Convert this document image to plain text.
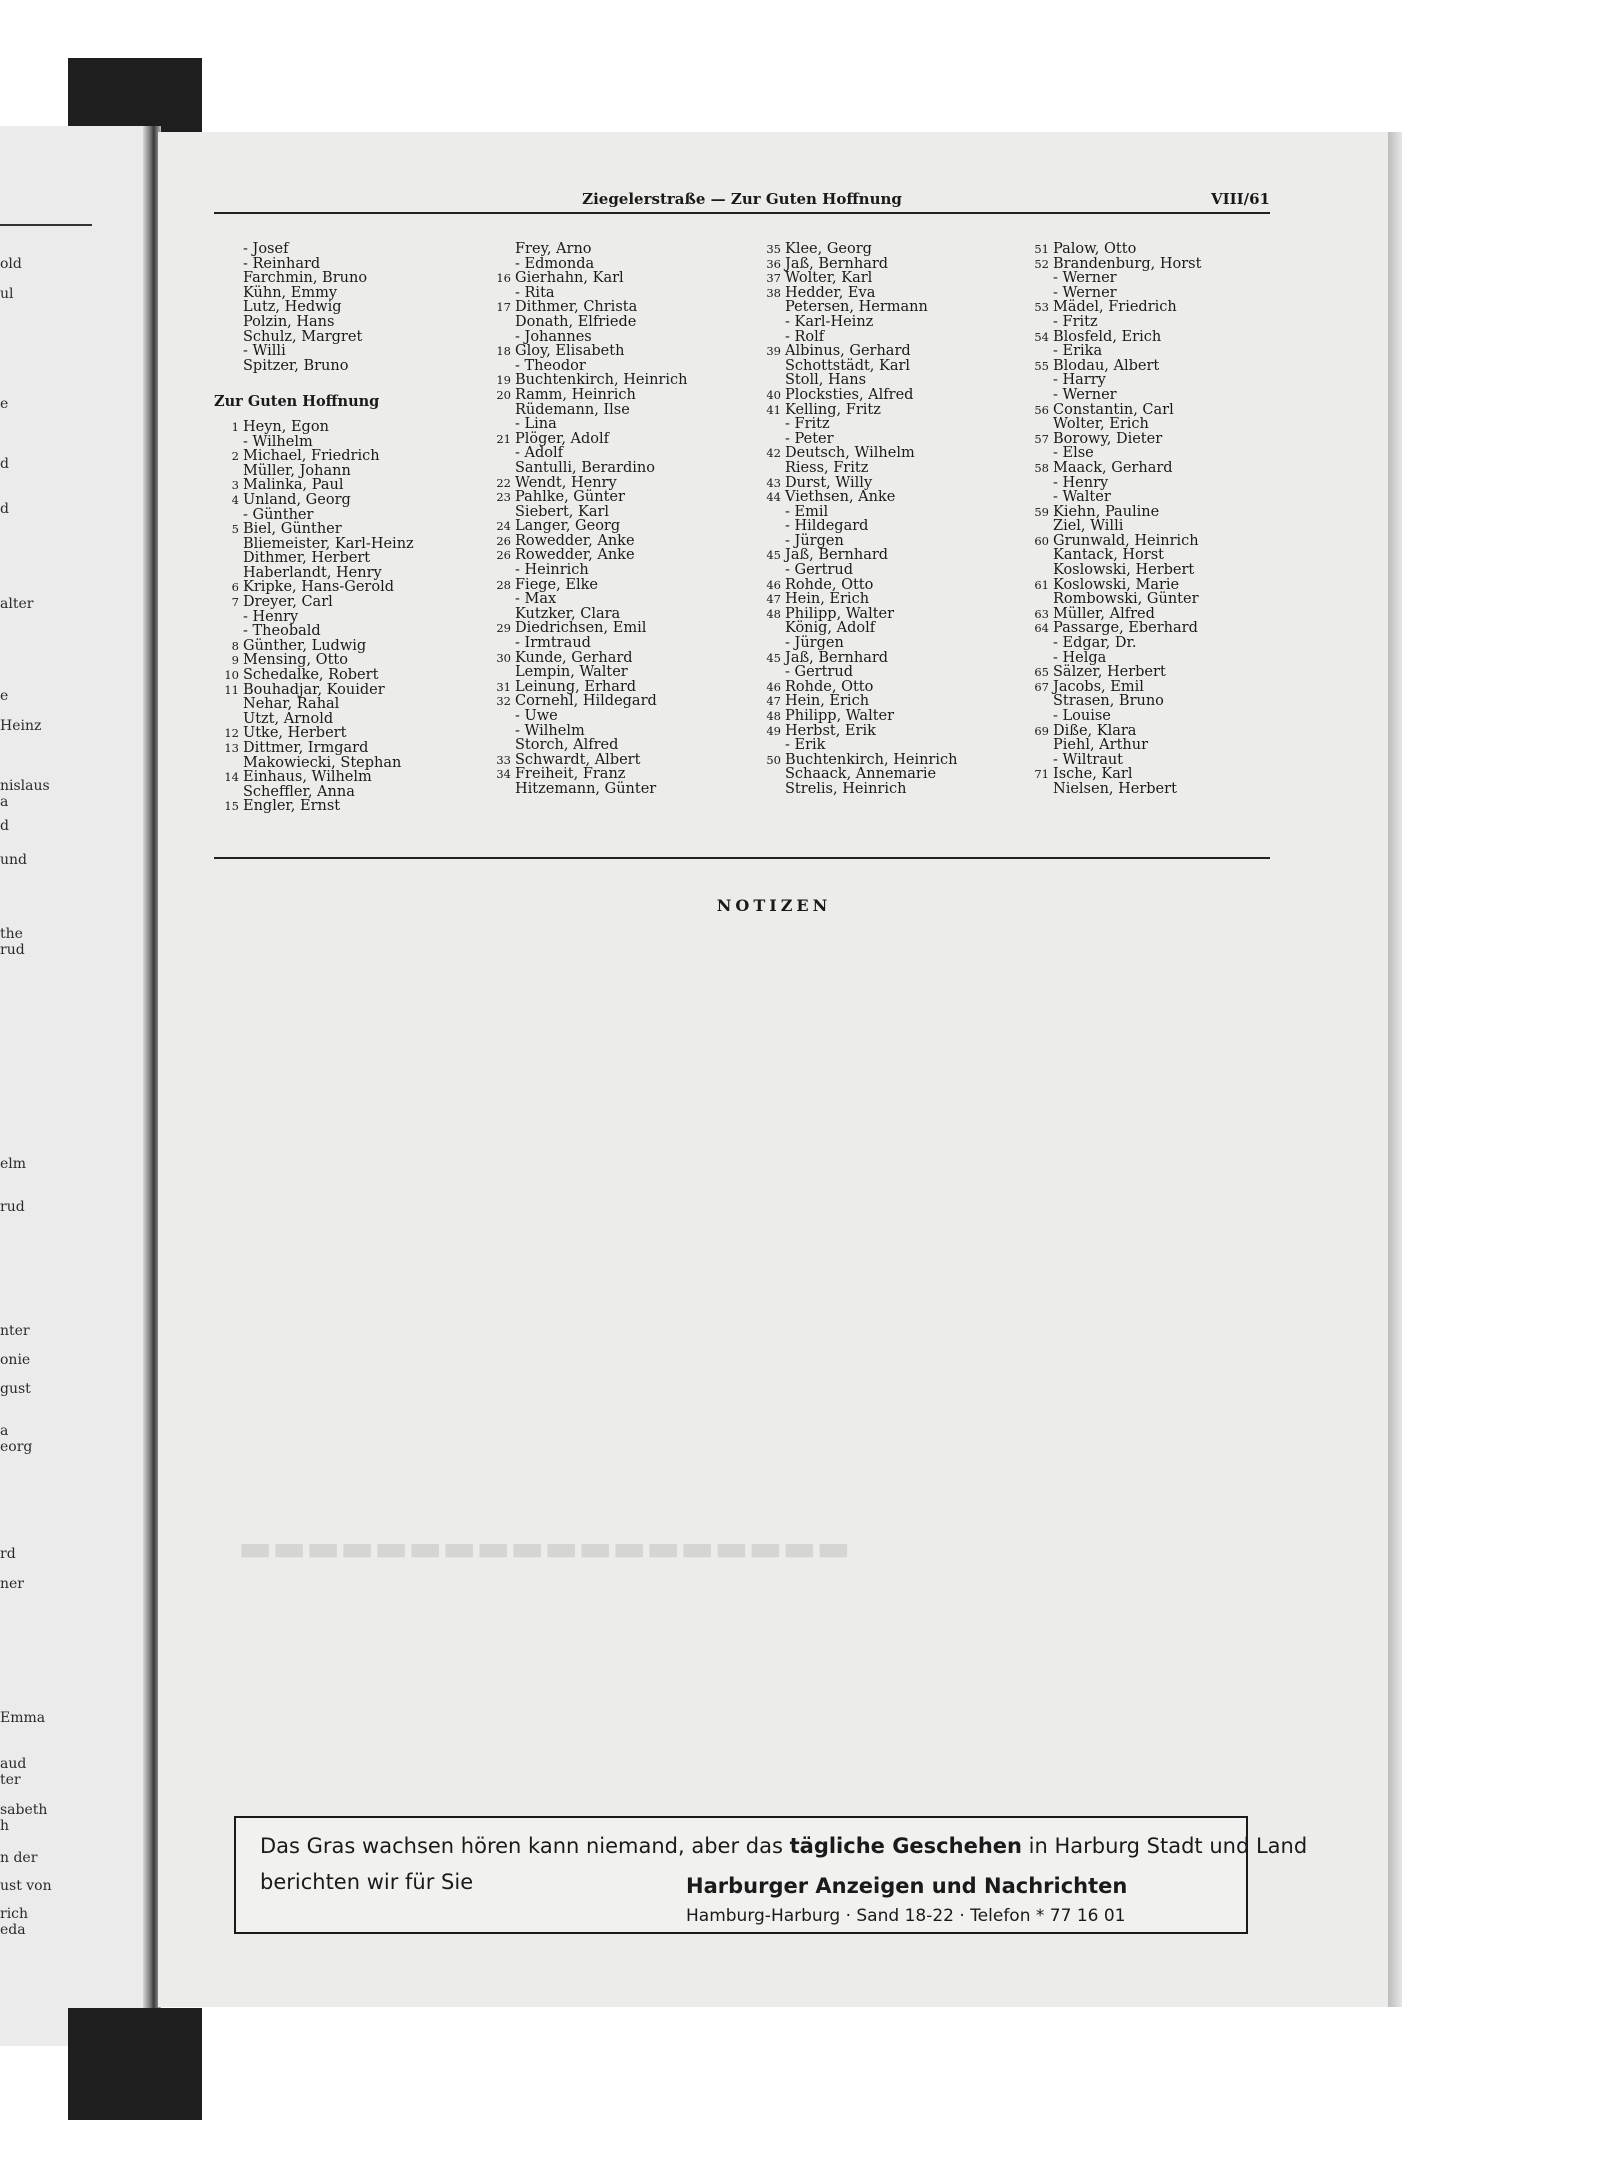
old
ul
e
d
d
alter
e
Heinz
nislaus
a
d
und
the
rud
elm
rud
nter
onie
gust
a
eorg
rd
ner
Emma
aud
ter
sabeth
h
n der
ust von
rich
eda
▬▬▬▬▬▬▬▬▬▬▬▬▬▬▬▬▬▬
Ziegelerstraße — Zur Guten Hoffnung	VIII/61
- Josef
- Reinhard
Farchmin, Bruno
Kühn, Emmy
Lutz, Hedwig
Polzin, Hans
Schulz, Margret
- Willi
Spitzer, Bruno
Zur Guten Hoffnung
1 Heyn, Egon
- Wilhelm
2 Michael, Friedrich
Müller, Johann
3 Malinka, Paul
4 Unland, Georg
- Günther
5 Biel, Günther
Bliemeister, Karl-Heinz
Dithmer, Herbert
Haberlandt, Henry
6 Kripke, Hans-Gerold
7 Dreyer, Carl
- Henry
- Theobald
8 Günther, Ludwig
9 Mensing, Otto
10 Schedalke, Robert
11 Bouhadjar, Kouider
Nehar, Rahal
Utzt, Arnold
12 Utke, Herbert
13 Dittmer, Irmgard
Makowiecki, Stephan
14 Einhaus, Wilhelm
Scheffler, Anna
15 Engler, Ernst
Frey, Arno
- Edmonda
16 Gierhahn, Karl
- Rita
17 Dithmer, Christa
Donath, Elfriede
- Johannes
18 Gloy, Elisabeth
- Theodor
19 Buchtenkirch, Heinrich
20 Ramm, Heinrich
Rüdemann, Ilse
- Lina
21 Plöger, Adolf
- Adolf
Santulli, Berardino
22 Wendt, Henry
23 Pahlke, Günter
Siebert, Karl
24 Langer, Georg
26 Rowedder, Anke
26 Rowedder, Anke
- Heinrich
28 Fiege, Elke
- Max
Kutzker, Clara
29 Diedrichsen, Emil
- Irmtraud
30 Kunde, Gerhard
Lempin, Walter
31 Leinung, Erhard
32 Cornehl, Hildegard
- Uwe
- Wilhelm
Storch, Alfred
33 Schwardt, Albert
34 Freiheit, Franz
Hitzemann, Günter
35 Klee, Georg
36 Jaß, Bernhard
37 Wolter, Karl
38 Hedder, Eva
Petersen, Hermann
- Karl-Heinz
- Rolf
39 Albinus, Gerhard
Schottstädt, Karl
Stoll, Hans
40 Plocksties, Alfred
41 Kelling, Fritz
- Fritz
- Peter
42 Deutsch, Wilhelm
Riess, Fritz
43 Durst, Willy
44 Viethsen, Anke
- Emil
- Hildegard
- Jürgen
45 Jaß, Bernhard
- Gertrud
46 Rohde, Otto
47 Hein, Erich
48 Philipp, Walter
König, Adolf
- Jürgen
45 Jaß, Bernhard
- Gertrud
46 Rohde, Otto
47 Hein, Erich
48 Philipp, Walter
49 Herbst, Erik
- Erik
50 Buchtenkirch, Heinrich
Schaack, Annemarie
Strelis, Heinrich
51 Palow, Otto
52 Brandenburg, Horst
- Werner
- Werner
53 Mädel, Friedrich
- Fritz
54 Blosfeld, Erich
- Erika
55 Blodau, Albert
- Harry
- Werner
56 Constantin, Carl
Wolter, Erich
57 Borowy, Dieter
- Else
58 Maack, Gerhard
- Henry
- Walter
59 Kiehn, Pauline
Ziel, Willi
60 Grunwald, Heinrich
Kantack, Horst
Koslowski, Herbert
61 Koslowski, Marie
Rombowski, Günter
63 Müller, Alfred
64 Passarge, Eberhard
- Edgar, Dr.
- Helga
65 Sälzer, Herbert
67 Jacobs, Emil
Strasen, Bruno
- Louise
69 Diße, Klara
Piehl, Arthur
- Wiltraut
71 Ische, Karl
Nielsen, Herbert
NOTIZEN
Das Gras wachsen hören kann niemand, aber das tägliche Geschehen in Harburg Stadt und Land
berichten wir für Sie	Harburger Anzeigen und Nachrichten
Hamburg-Harburg · Sand 18-22 · Telefon * 77 16 01
